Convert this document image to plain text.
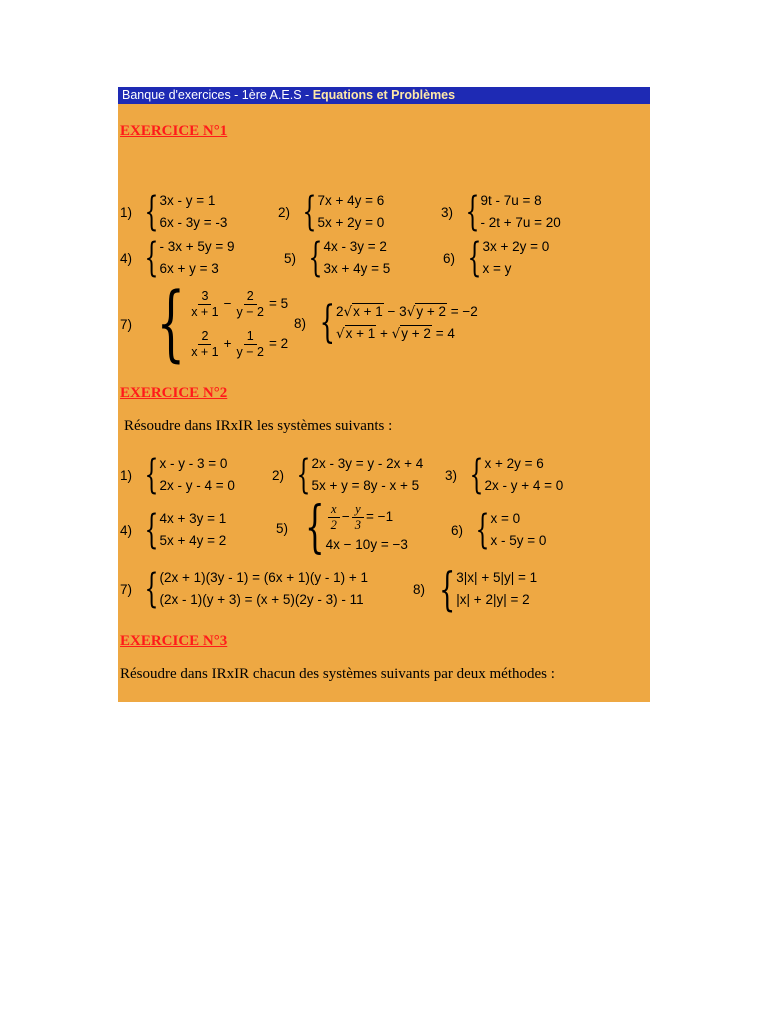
Banque d'exercices - 1ère A.E.S - Equations et Problèmes
EXERCICE N°1
1) { 3x - y = 1
6x - 3y = -3
2) { 7x + 4y = 6
5x + 2y = 0
3) { 9t - 7u = 8
- 2t + 7u = 20
4) { - 3x + 5y = 9
6x + y = 3
5) { 4x - 3y = 2
3x + 4y = 5
6) { 3x + 2y = 0
x = y
7) { $\frac{3}{x + 1} - \frac{2}{y - 2} = 5$
$\frac{2}{x + 1} + \frac{1}{y - 2} = 2$
8) { 2√x + 1 − 3√y + 2 = −2
√x + 1 + √y + 2 = 4
EXERCICE N°2
Résoudre dans IRxIR les systèmes suivants :
1) { x - y - 3 = 0
2x - y - 4 = 0
2) { 2x - 3y = y - 2x + 4
5x + y = 8y - x + 5
3) { x + 2y = 6
2x - y + 4 = 0
4) { 4x + 3y = 1
5x + 4y = 2
5) { $\frac{x}{2} - \frac{y}{3} = -1$
4x − 10y = −3
6) { x = 0
x - 5y = 0
7) { (2x + 1)(3y - 1) = (6x + 1)(y - 1) + 1
(2x - 1)(y + 3) = (x + 5)(2y - 3) - 11
8) { 3|x| + 5|y| = 1
|x| + 2|y| = 2
EXERCICE N°3
Résoudre dans IRxIR chacun des systèmes suivants par deux méthodes :
